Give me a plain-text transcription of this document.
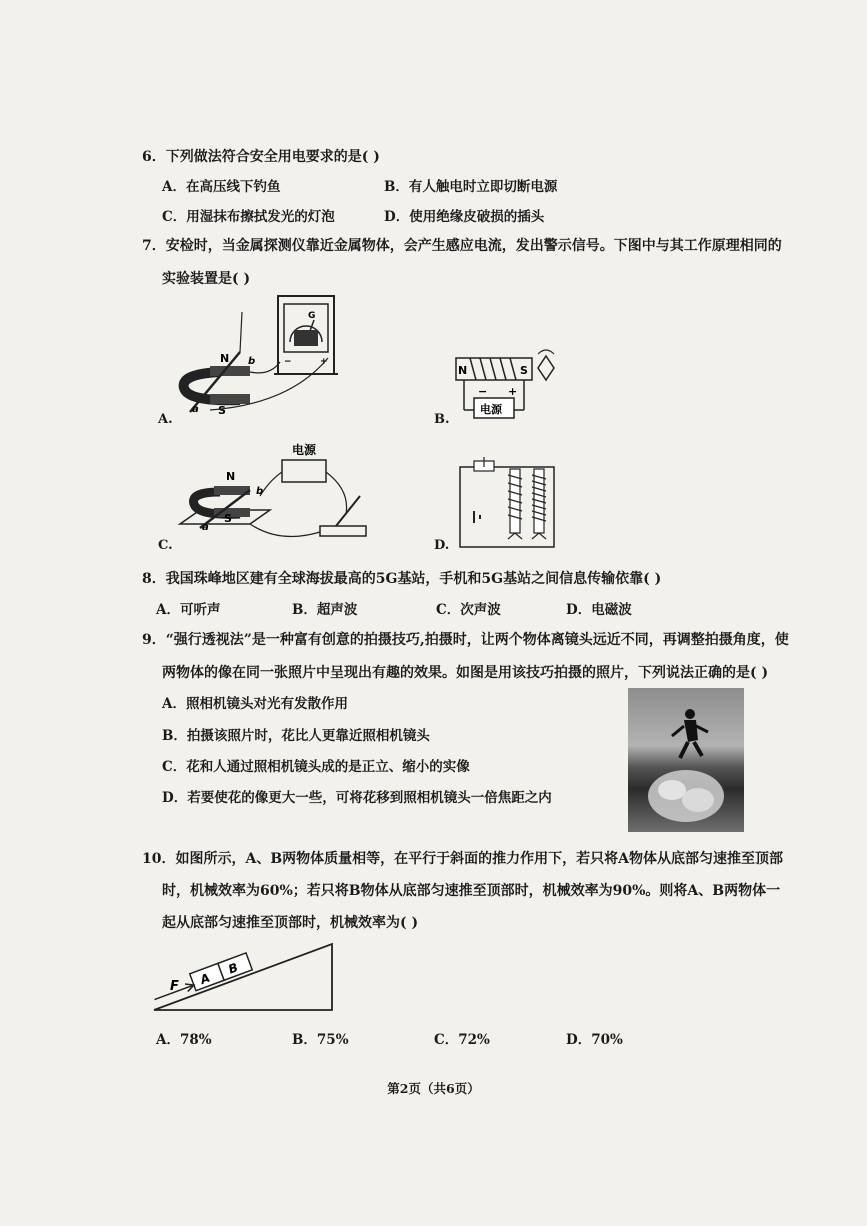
6．下列做法符合安全用电要求的是( )
A．在高压线下钓鱼	B．有人触电时立即切断电源
C．用湿抹布擦拭发光的灯泡	D．使用绝缘皮破损的插头
7．安检时，当金属探测仪靠近金属物体，会产生感应电流，发出警示信号。下图中与其工作原理相同的
实验装置是( )
G
−	+
N
S
a
b
A.
N	S
电源
− +
B.
电源
N
S
a
b
C.	D.
8．我国珠峰地区建有全球海拔最高的5G基站，手机和5G基站之间信息传输依靠( )
A．可听声	B．超声波	C．次声波	D．电磁波
9．“强行透视法”是一种富有创意的拍摄技巧,拍摄时，让两个物体离镜头远近不同，再调整拍摄角度，使
两物体的像在同一张照片中呈现出有趣的效果。如图是用该技巧拍摄的照片，下列说法正确的是( )
A．照相机镜头对光有发散作用
B．拍摄该照片时，花比人更靠近照相机镜头
C．花和人通过照相机镜头成的是正立、缩小的实像
D．若要使花的像更大一些，可将花移到照相机镜头一倍焦距之内
10．如图所示，A、B两物体质量相等，在平行于斜面的推力作用下，若只将A物体从底部匀速推至顶部
时，机械效率为60%；若只将B物体从底部匀速推至顶部时，机械效率为90%。则将A、B两物体一
起从底部匀速推至顶部时，机械效率为( )
A
B
F
A．78%	B．75%	C．72%	D．70%
第2页（共6页）
